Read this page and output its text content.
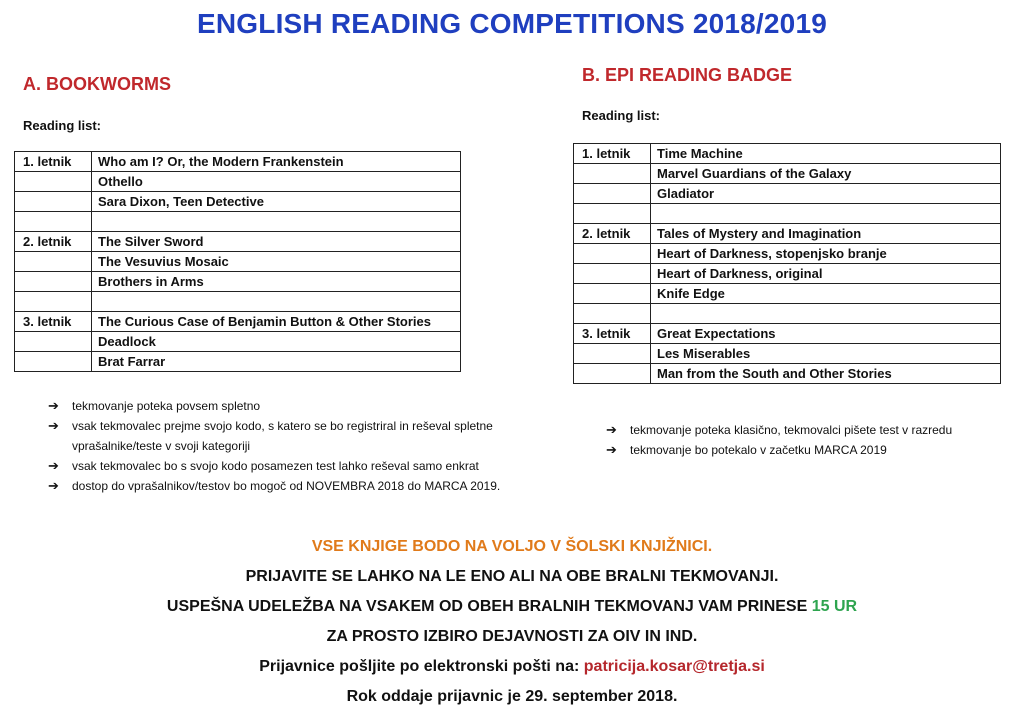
ENGLISH READING COMPETITIONS 2018/2019
A. BOOKWORMS
Reading list:
1. letnik	Who am I? Or, the Modern Frankenstein
	Othello
	Sara Dixon, Teen Detective

2. letnik	The Silver Sword
	The Vesuvius Mosaic
	Brothers in Arms

3. letnik	The Curious Case of Benjamin Button & Other Stories
	Deadlock
	Brat Farrar
➔ tekmovanje poteka povsem spletno
➔ vsak tekmovalec prejme svojo kodo, s katero se bo registriral in reševal spletne vprašalnike/teste v svoji kategoriji
➔ vsak tekmovalec bo s svojo kodo posamezen test lahko reševal samo enkrat
➔ dostop do vprašalnikov/testov bo mogoč od NOVEMBRA 2018 do MARCA 2019.
B. EPI READING BADGE
Reading list:
1. letnik	Time Machine
	Marvel Guardians of the Galaxy
	Gladiator

2. letnik	Tales of Mystery and Imagination
	Heart of Darkness, stopenjsko branje
	Heart of Darkness, original
	Knife Edge

3. letnik	Great Expectations
	Les Miserables
	Man from the South and Other Stories
➔ tekmovanje poteka klasično, tekmovalci pišete test v razredu
➔ tekmovanje bo potekalo v začetku MARCA 2019
VSE KNJIGE BODO NA VOLJO V ŠOLSKI KNJIŽNICI.
PRIJAVITE SE LAHKO NA LE ENO ALI NA OBE BRALNI TEKMOVANJI.
USPEŠNA UDELEŽBA NA VSAKEM OD OBEH BRALNIH TEKMOVANJ VAM PRINESE 15 UR
ZA PROSTO IZBIRO DEJAVNOSTI ZA OIV IN IND.
Prijavnice pošljite po elektronski pošti na: patricija.kosar@tretja.si
Rok oddaje prijavnic je 29. september 2018.
